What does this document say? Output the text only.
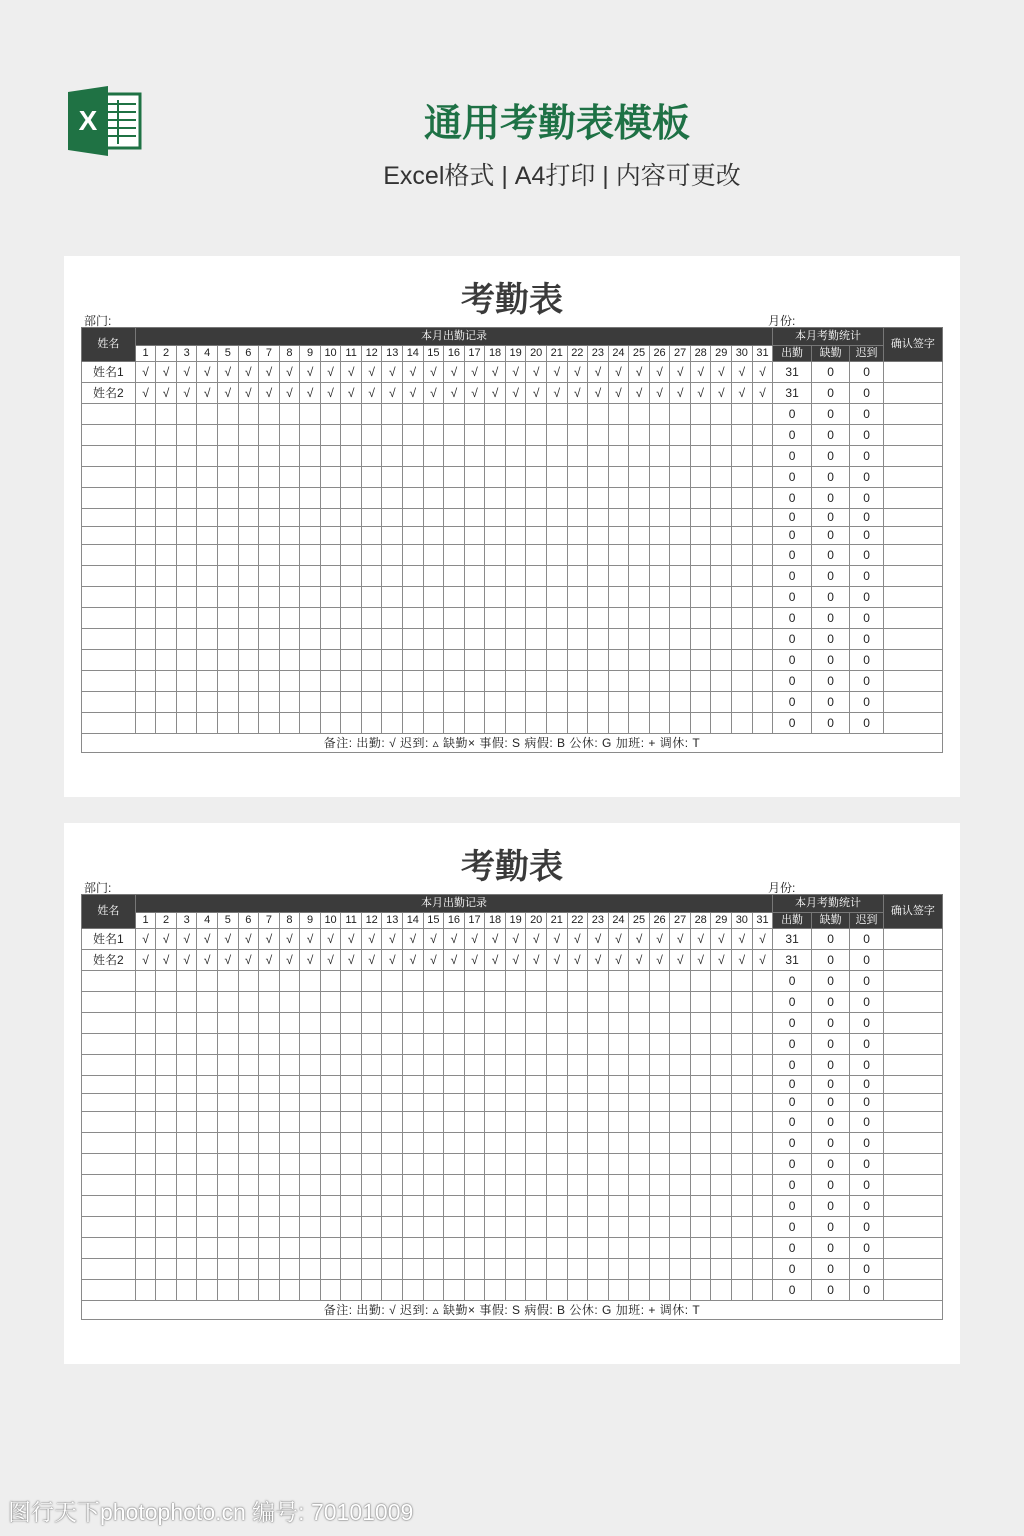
X	通用考勤表模板
Excel格式 | A4打印 | 内容可更改
考勤表
部门:	月份:
姓名	本月出勤记录																															本月考勤统计			确认签字
	1	2	3	4	5	6	7	8	9	10	11	12	13	14	15	16	17	18	19	20	21	22	23	24	25	26	27	28	29	30	31	出勤	缺勤	迟到	
姓名1	√	√	√	√	√	√	√	√	√	√	√	√	√	√	√	√	√	√	√	√	√	√	√	√	√	√	√	√	√	√	√	31	0	0	
姓名2	√	√	√	√	√	√	√	√	√	√	√	√	√	√	√	√	√	√	√	√	√	√	√	√	√	√	√	√	√	√	√	31	0	0	
																																0	0	0	
																																0	0	0	
																																0	0	0	
																																0	0	0	
																																0	0	0	
																																0	0	0	
																																0	0	0	
																																0	0	0	
																																0	0	0	
																																0	0	0	
																																0	0	0	
																																0	0	0	
																																0	0	0	
																																0	0	0	
																																0	0	0	
																																0	0	0	
备注: 出勤: √ 迟到: ▵ 缺勤× 事假: S 病假: B 公休: G 加班: + 调休: T																																			
考勤表
部门:	月份:
姓名	本月出勤记录																															本月考勤统计			确认签字
	1	2	3	4	5	6	7	8	9	10	11	12	13	14	15	16	17	18	19	20	21	22	23	24	25	26	27	28	29	30	31	出勤	缺勤	迟到	
姓名1	√	√	√	√	√	√	√	√	√	√	√	√	√	√	√	√	√	√	√	√	√	√	√	√	√	√	√	√	√	√	√	31	0	0	
姓名2	√	√	√	√	√	√	√	√	√	√	√	√	√	√	√	√	√	√	√	√	√	√	√	√	√	√	√	√	√	√	√	31	0	0	
																																0	0	0	
																																0	0	0	
																																0	0	0	
																																0	0	0	
																																0	0	0	
																																0	0	0	
																																0	0	0	
																																0	0	0	
																																0	0	0	
																																0	0	0	
																																0	0	0	
																																0	0	0	
																																0	0	0	
																																0	0	0	
																																0	0	0	
																																0	0	0	
备注: 出勤: √ 迟到: ▵ 缺勤× 事假: S 病假: B 公休: G 加班: + 调休: T																																			
图行天下photophoto.cn 编号: 70101009
